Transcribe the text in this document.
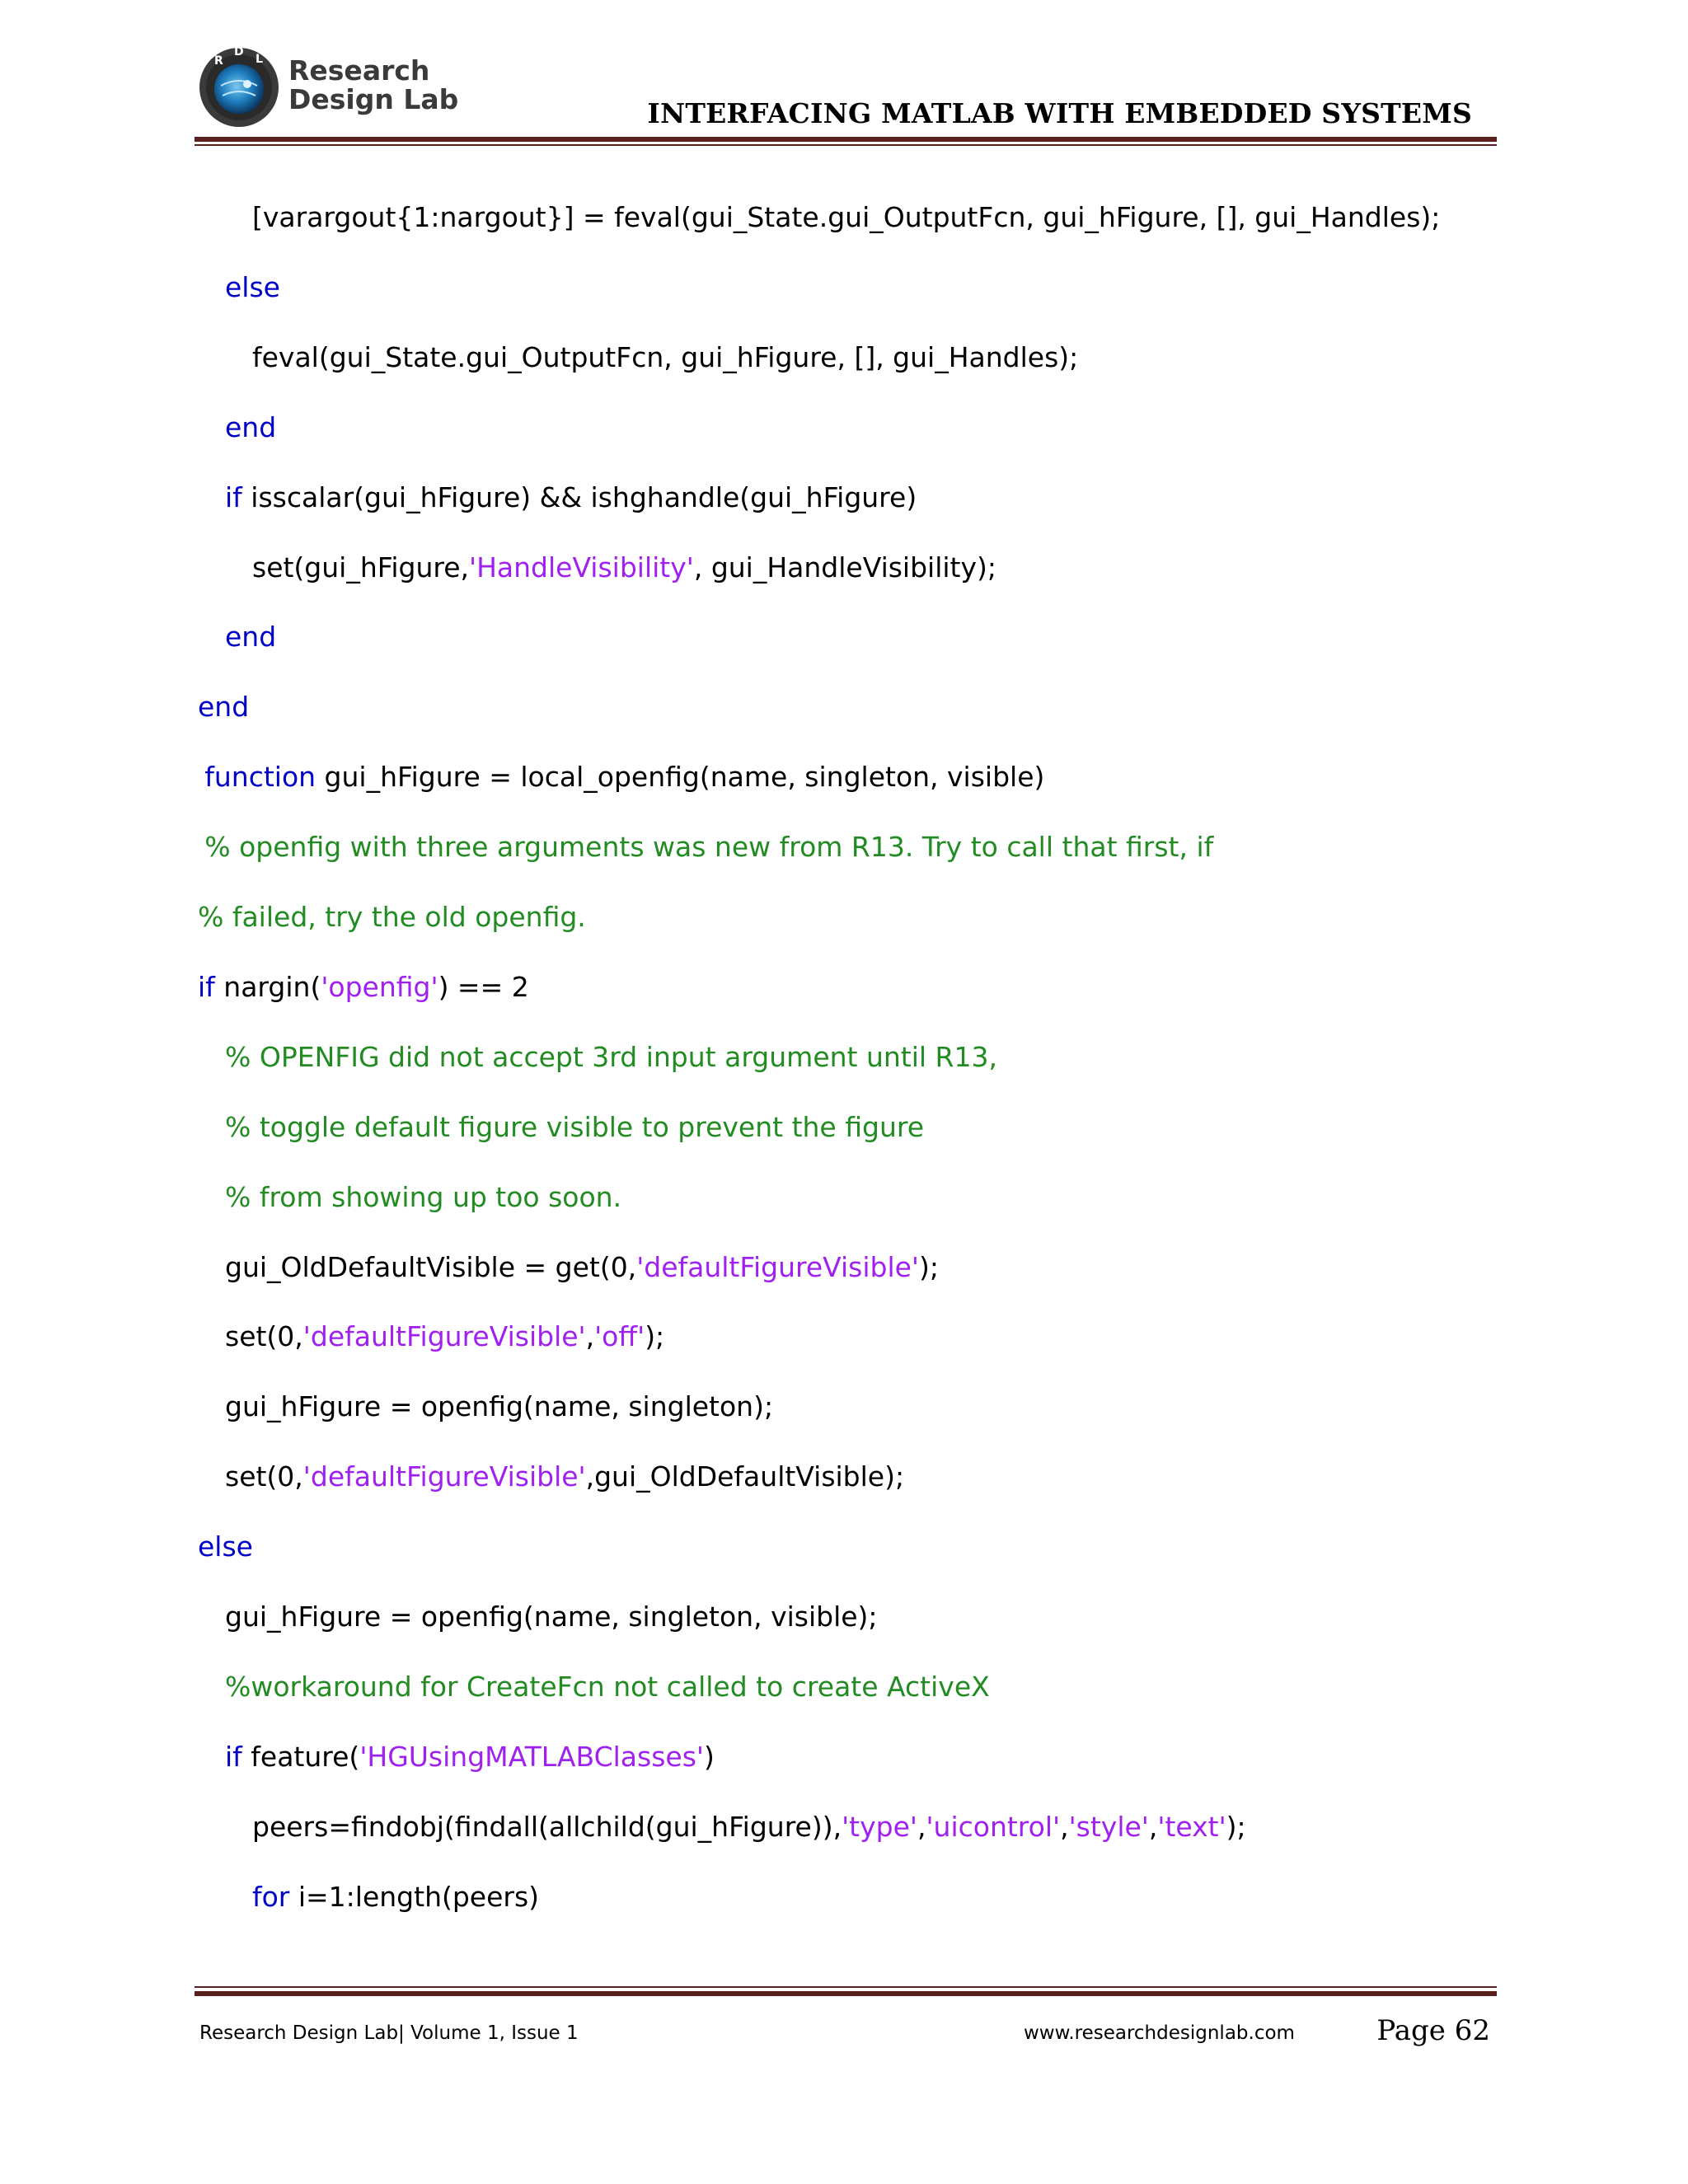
R
D
L Research
Design Lab	INTERFACING MATLAB WITH EMBEDDED SYSTEMS
[varargout{1:nargout}] = feval(gui_State.gui_OutputFcn, gui_hFigure, [], gui_Handles);
else
feval(gui_State.gui_OutputFcn, gui_hFigure, [], gui_Handles);
end
if isscalar(gui_hFigure) && ishghandle(gui_hFigure)
set(gui_hFigure,'HandleVisibility', gui_HandleVisibility);
end
end
function gui_hFigure = local_openfig(name, singleton, visible)
% openfig with three arguments was new from R13. Try to call that first, if
% failed, try the old openfig.
if nargin('openfig') == 2
% OPENFIG did not accept 3rd input argument until R13,
% toggle default figure visible to prevent the figure
% from showing up too soon.
gui_OldDefaultVisible = get(0,'defaultFigureVisible');
set(0,'defaultFigureVisible','off');
gui_hFigure = openfig(name, singleton);
set(0,'defaultFigureVisible',gui_OldDefaultVisible);
else
gui_hFigure = openfig(name, singleton, visible);
%workaround for CreateFcn not called to create ActiveX
if feature('HGUsingMATLABClasses')
peers=findobj(findall(allchild(gui_hFigure)),'type','uicontrol','style','text');
for i=1:length(peers)
Research Design Lab| Volume 1, Issue 1	www.researchdesignlab.com	Page 62
